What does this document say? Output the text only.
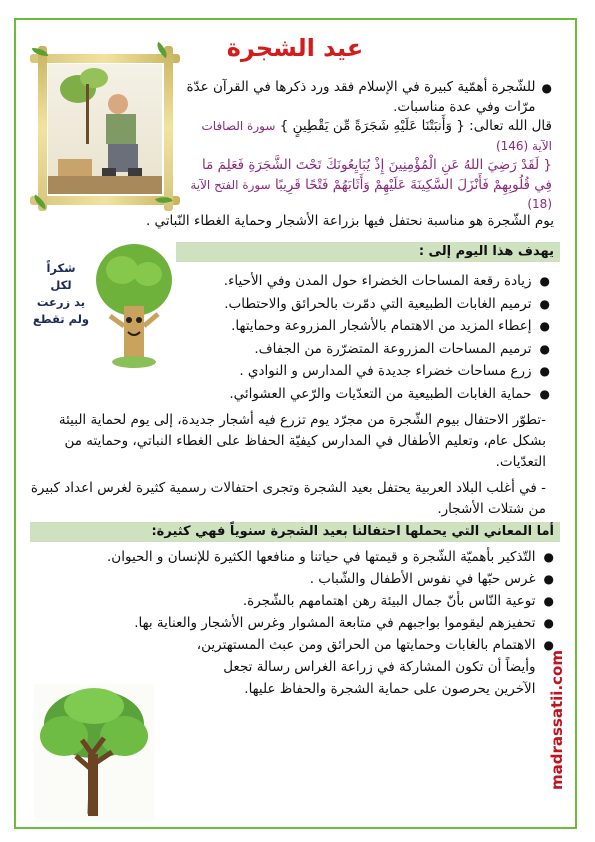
عيد الشجرة
●

للشّجرة أهمّية كبيرة في الإسلام فقد ورد ذكرها في القرآن عدّة مرّات وفي عدة مناسبات.

قال الله تعالى: { وَأَنبَتْنَا عَلَيْهِ شَجَرَةً مِّن يَقْطِينٍ } سورة الصافات الآية (146)

{ لَقَدْ رَضِيَ اللهُ عَنِ الْمُؤْمِنِينَ إِذْ يُبَايِعُونَكَ تَحْتَ الشَّجَرَةِ فَعَلِمَ مَا فِي قُلُوبِهِمْ فَأَنْزَلَ السَّكِينَةَ عَلَيْهِمْ وَأَثَابَهُمْ فَتْحًا قَرِيبًا سورة الفتح الآية (18)

يوم الشّجرة هو مناسبة نحتفل فيها بزراعة الأشجار وحماية الغطاء النّباتي .
يهدف هذا اليوم إلى :
شكراً
لكل
يد زرعت
ولم تقطع
●
زيادة رقعة المساحات الخضراء حول المدن وفي الأحياء.
●
ترميم الغابات الطبيعية التي دمّرت بالحرائق والاحتطاب.
●
إعطاء المزيد من الاهتمام بالأشجار المزروعة وحمايتها.
●
ترميم المساحات المزروعة المتضرّرة من الجفاف.
●
زرع مساحات خضراء جديدة في المدارس و النوادي .
●
حماية الغابات الطبيعية من التعدّيات والرّعي العشوائي.
-تطوّر الاحتفال بيوم الشّجرة من مجرّد يوم تزرع فيه أشجار جديدة، إلى يوم لحماية البيئة بشكل عام، وتعليم الأطفال في المدارس كيفيّة الحفاظ على الغطاء النباتي، وحمايته من التعدّيات.
- في أغلب البلاد العربية يحتفل بعيد الشجرة وتجرى احتفالات رسمية كثيرة لغرس اعداد كبيرة من شتلات الأشجار.
أما المعاني التي يحملها احتفالنا بعيد الشجرة سنوياً فهي كثيرة:
●
التّذكير بأهميّة الشّجرة و قيمتها في حياتنا و منافعها الكثيرة للإنسان و الحيوان.
●
غرس حبّها في نفوس الأطفال والشّباب .
●
توعية النّاس بأنّ جمال البيئة رهن اهتمامهم بالشّجرة.
●
تحفيزهم ليقوموا بواجبهم في متابعة المشوار وغرس الأشجار والعناية بها.
●
الاهتمام بالغابات وحمايتها من الحرائق ومن عبث المستهترين، وأيضاً أن تكون المشاركة في زراعة الغراس رسالة تجعل الآخرين يحرصون على حماية الشجرة والحفاظ عليها. madrassatii.com
